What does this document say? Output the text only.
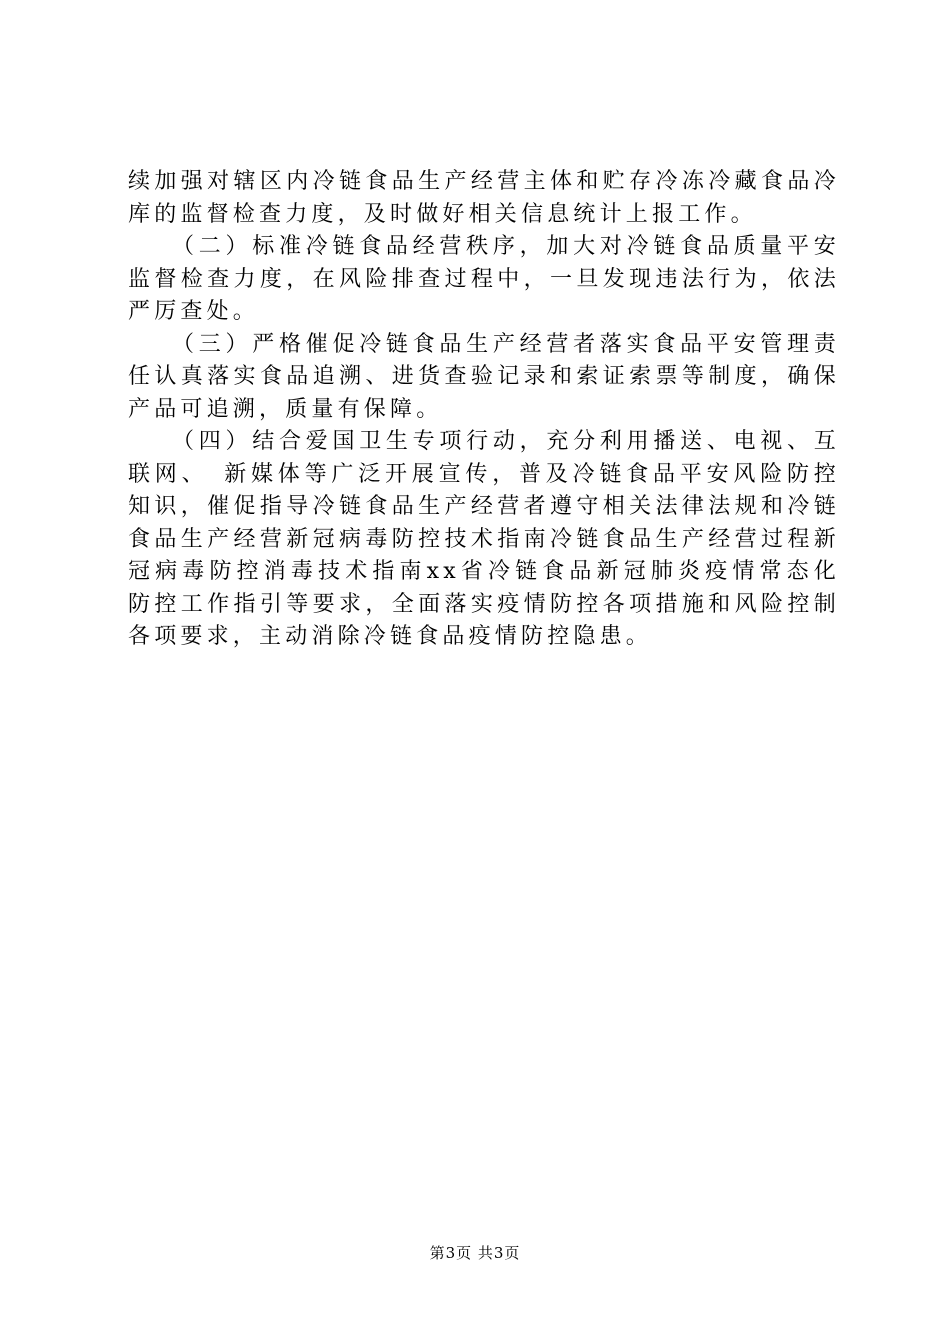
续加强对辖区内冷链食品生产经营主体和贮存冷冻冷藏食品冷库的监督检查力度，及时做好相关信息统计上报工作。

（二）标准冷链食品经营秩序，加大对冷链食品质量平安监督检查力度，在风险排查过程中，一旦发现违法行为，依法严厉查处。

（三）严格催促冷链食品生产经营者落实食品平安管理责任认真落实食品追溯、进货查验记录和索证索票等制度，确保产品可追溯，质量有保障。

（四）结合爱国卫生专项行动，充分利用播送、电视、互联网、　新媒体等广泛开展宣传，普及冷链食品平安风险防控知识，催促指导冷链食品生产经营者遵守相关法律法规和冷链食品生产经营新冠病毒防控技术指南冷链食品生产经营过程新冠病毒防控消毒技术指南xx省冷链食品新冠肺炎疫情常态化防控工作指引等要求，全面落实疫情防控各项措施和风险控制各项要求，主动消除冷链食品疫情防控隐患。

第3页 共3页
